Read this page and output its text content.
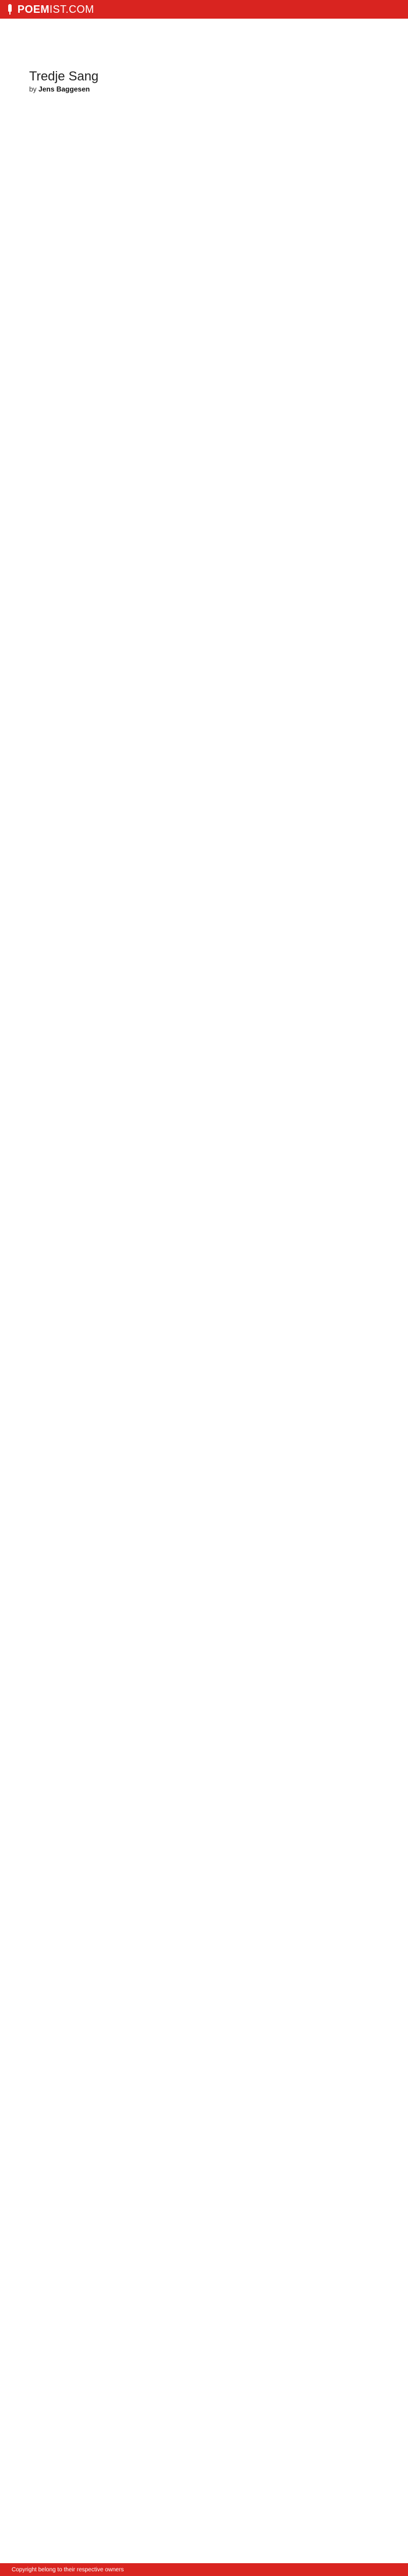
POEMIST.COM
Tredje Sang
by Jens Baggesen
Copyright belong to their respective owners
